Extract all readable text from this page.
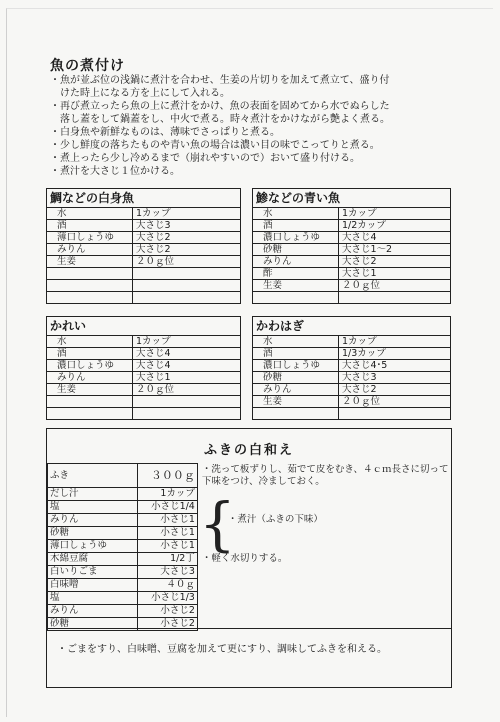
魚の煮付け
・魚が並ぶ位の浅鍋に煮汁を合わせ、生姜の片切りを加えて煮立て、盛り付
　けた時上になる方を上にして入れる。
・再び煮立ったら魚の上に煮汁をかけ、魚の表面を固めてから水でぬらした
　落し蓋をして鍋蓋をし、中火で煮る。時々煮汁をかけながら艶よく煮る。
・白身魚や新鮮なものは、薄味でさっぱりと煮る。
・少し鮮度の落ちたものや青い魚の場合は濃い目の味でこってりと煮る。
・煮上ったら少し冷めるまで（崩れやすいので）おいて盛り付ける。
・煮汁を大さじ１位かける。
鯛などの白身魚			鯵などの青い魚	
水	1カップ		水	1カップ
酒	大さじ3		酒	1/2カップ
薄口しょうゆ	大さじ2		濃口しょうゆ	大さじ4
みりん	大さじ2		砂糖	大さじ1～2
生姜	２０ｇ位		みりん	大さじ2
			酢	大さじ1
			生姜	２０ｇ位

かれい			かわはぎ	
水	1カップ		水	1カップ
酒	大さじ4		酒	1/3カップ
濃口しょうゆ	大さじ4		濃口しょうゆ	大さじ4･5
みりん	大さじ1		砂糖	大さじ3
生姜	２０ｇ位		みりん	大さじ2
			生姜	２０ｇ位

ふきの白和え
ふき	３００ｇ	・洗って板ずりし、茹でて皮をむき、４ｃｍ長さに切って下味をつけ、冷ましておく。
だし汁	1カップ	・煮汁（ふきの下味）
塩	小さじ1/4	
みりん	小さじ1	
砂糖	小さじ1	
薄口しょうゆ	小さじ1	
木綿豆腐	1/2丁	・軽く水切りする。
白いりごま	大さじ3	
白味噌	４０ｇ	
塩	小さじ1/3	
みりん	小さじ2	
砂糖	小さじ2	
・ごまをすり、白味噌、豆腐を加えて更にすり、調味してふきを和える。
{
